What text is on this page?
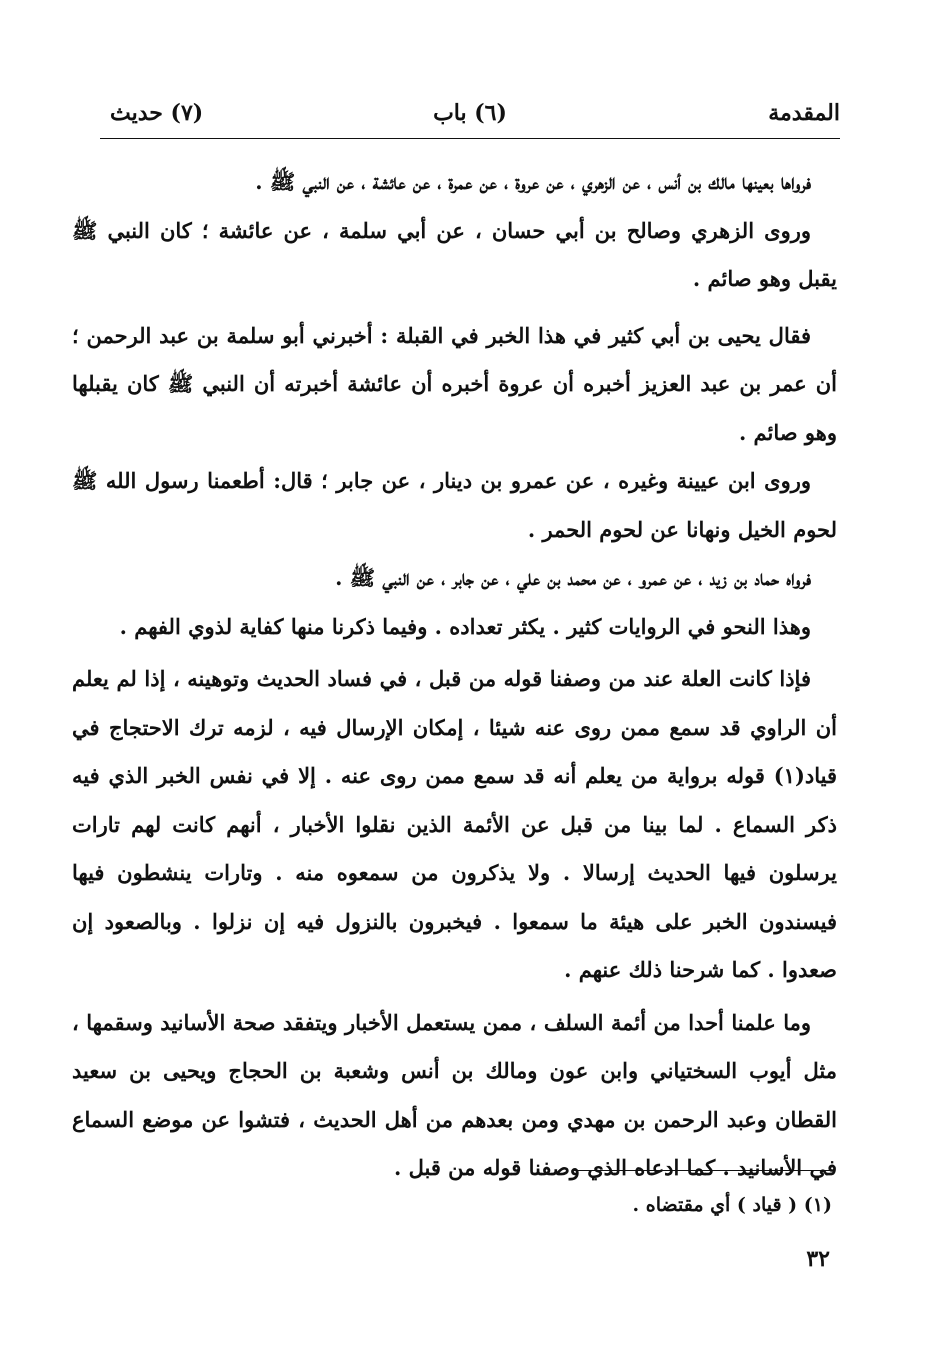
(٦) باب	المقدمة
(٧) حديث

فرواها بعينها مالك بن أنس ، عن الزهري ، عن عروة ، عن عمرة ، عن عائشة ، عن النبي ﷺ .

وروى الزهري وصالح بن أبي حسان ، عن أبي سلمة ، عن عائشة ؛ كان النبي ﷺ يقبل وهو صائم .

فقال يحيى بن أبي كثير في هذا الخبر في القبلة : أخبرني أبو سلمة بن عبد الرحمن ؛ أن عمر بن عبد العزيز أخبره أن عروة أخبره أن عائشة أخبرته أن النبي ﷺ كان يقبلها وهو صائم .

وروى ابن عيينة وغيره ، عن عمرو بن دينار ، عن جابر ؛ قال: أطعمنا رسول الله ﷺ لحوم الخيل ونهانا عن لحوم الحمر .

فرواه حماد بن زيد ، عن عمرو ، عن محمد بن علي ، عن جابر ، عن النبي ﷺ .

وهذا النحو في الروايات كثير . يكثر تعداده . وفيما ذكرنا منها كفاية لذوي الفهم .

فإذا كانت العلة عند من وصفنا قوله من قبل ، في فساد الحديث وتوهينه ، إذا لم يعلم أن الراوي قد سمع ممن روى عنه شيئا ، إمكان الإرسال فيه ، لزمه ترك الاحتجاج في قياد(١) قوله برواية من يعلم أنه قد سمع ممن روى عنه . إلا في نفس الخبر الذي فيه ذكر السماع . لما بينا من قبل عن الأئمة الذين نقلوا الأخبار ، أنهم كانت لهم تارات يرسلون فيها الحديث إرسالا . ولا يذكرون من سمعوه منه . وتارات ينشطون فيها فيسندون الخبر على هيئة ما سمعوا . فيخبرون بالنزول فيه إن نزلوا . وبالصعود إن صعدوا . كما شرحنا ذلك عنهم .

وما علمنا أحدا من أئمة السلف ، ممن يستعمل الأخبار ويتفقد صحة الأسانيد وسقمها ، مثل أيوب السختياني وابن عون ومالك بن أنس وشعبة بن الحجاج ويحيى بن سعيد القطان وعبد الرحمن بن مهدي ومن بعدهم من أهل الحديث ، فتشوا عن موضع السماع في الأسانيد . كما ادعاه الذي وصفنا قوله من قبل .

(١) ( قياد ) أي مقتضاه .
٣٢
